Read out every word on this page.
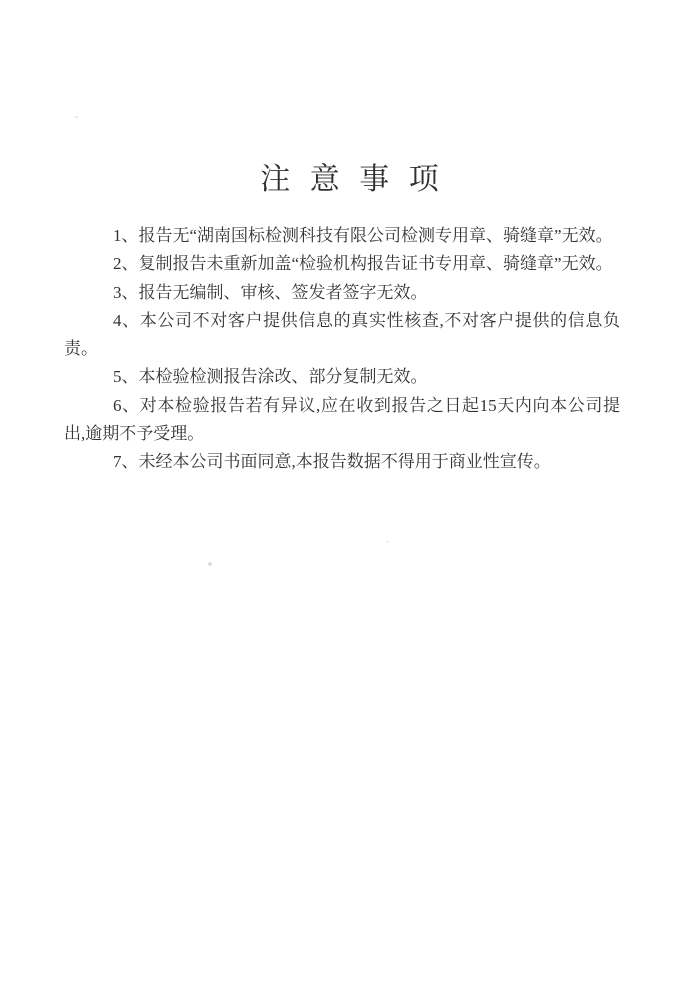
注 意 事 项

1、报告无“湖南国标检测科技有限公司检测专用章、骑缝章”无效。

2、复制报告未重新加盖“检验机构报告证书专用章、骑缝章”无效。

3、报告无编制、审核、签发者签字无效。

4、本公司不对客户提供信息的真实性核查,不对客户提供的信息负责。

5、本检验检测报告涂改、部分复制无效。

6、对本检验报告若有异议,应在收到报告之日起15天内向本公司提出,逾期不予受理。

7、未经本公司书面同意,本报告数据不得用于商业性宣传。
